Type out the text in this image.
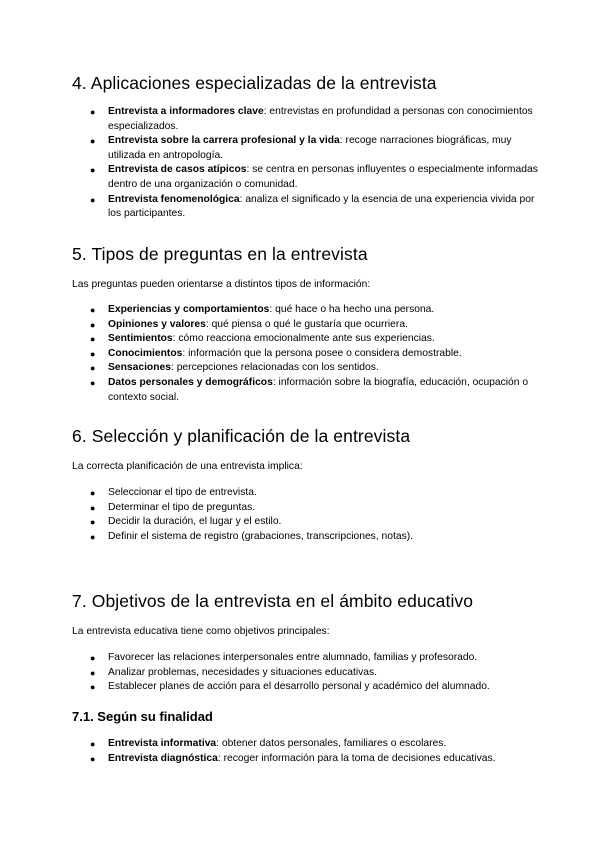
4. Aplicaciones especializadas de la entrevista
● Entrevista a informadores clave: entrevistas en profundidad a personas con conocimientos especializados.
● Entrevista sobre la carrera profesional y la vida: recoge narraciones biográficas, muy utilizada en antropología.
● Entrevista de casos atípicos: se centra en personas influyentes o especialmente informadas dentro de una organización o comunidad.
● Entrevista fenomenológica: analiza el significado y la esencia de una experiencia vivida por los participantes.
5. Tipos de preguntas en la entrevista

Las preguntas pueden orientarse a distintos tipos de información:

● Experiencias y comportamientos: qué hace o ha hecho una persona.
● Opiniones y valores: qué piensa o qué le gustaría que ocurriera.
● Sentimientos: cómo reacciona emocionalmente ante sus experiencias.
● Conocimientos: información que la persona posee o considera demostrable.
● Sensaciones: percepciones relacionadas con los sentidos.
● Datos personales y demográficos: información sobre la biografía, educación, ocupación o contexto social.
6. Selección y planificación de la entrevista

La correcta planificación de una entrevista implica:

● Seleccionar el tipo de entrevista.
● Determinar el tipo de preguntas.
● Decidir la duración, el lugar y el estilo.
● Definir el sistema de registro (grabaciones, transcripciones, notas).
7. Objetivos de la entrevista en el ámbito educativo

La entrevista educativa tiene como objetivos principales:

● Favorecer las relaciones interpersonales entre alumnado, familias y profesorado.
● Analizar problemas, necesidades y situaciones educativas.
● Establecer planes de acción para el desarrollo personal y académico del alumnado.
7.1. Según su finalidad
● Entrevista informativa: obtener datos personales, familiares o escolares.
● Entrevista diagnóstica: recoger información para la toma de decisiones educativas.
